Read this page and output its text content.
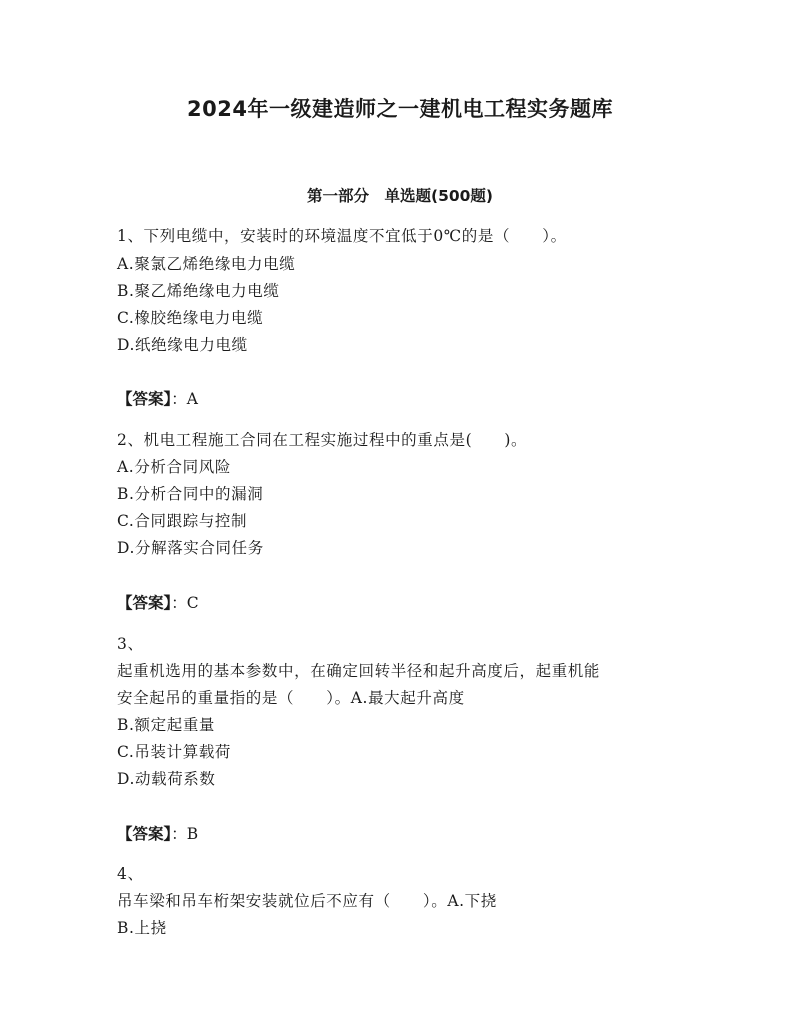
2024年一级建造师之一建机电工程实务题库
第一部分　单选题(500题)
1、下列电缆中，安装时的环境温度不宜低于0℃的是（　　）。
A.聚氯乙烯绝缘电力电缆
B.聚乙烯绝缘电力电缆
C.橡胶绝缘电力电缆
D.纸绝缘电力电缆
【答案】：A
2、机电工程施工合同在工程实施过程中的重点是(　　)。
A.分析合同风险
B.分析合同中的漏洞
C.合同跟踪与控制
D.分解落实合同任务
【答案】：C
3、
起重机选用的基本参数中，在确定回转半径和起升高度后，起重机能
安全起吊的重量指的是（　　）。A.最大起升高度
B.额定起重量
C.吊装计算载荷
D.动载荷系数
【答案】：B
4、
吊车梁和吊车桁架安装就位后不应有（　　）。A.下挠
B.上挠
